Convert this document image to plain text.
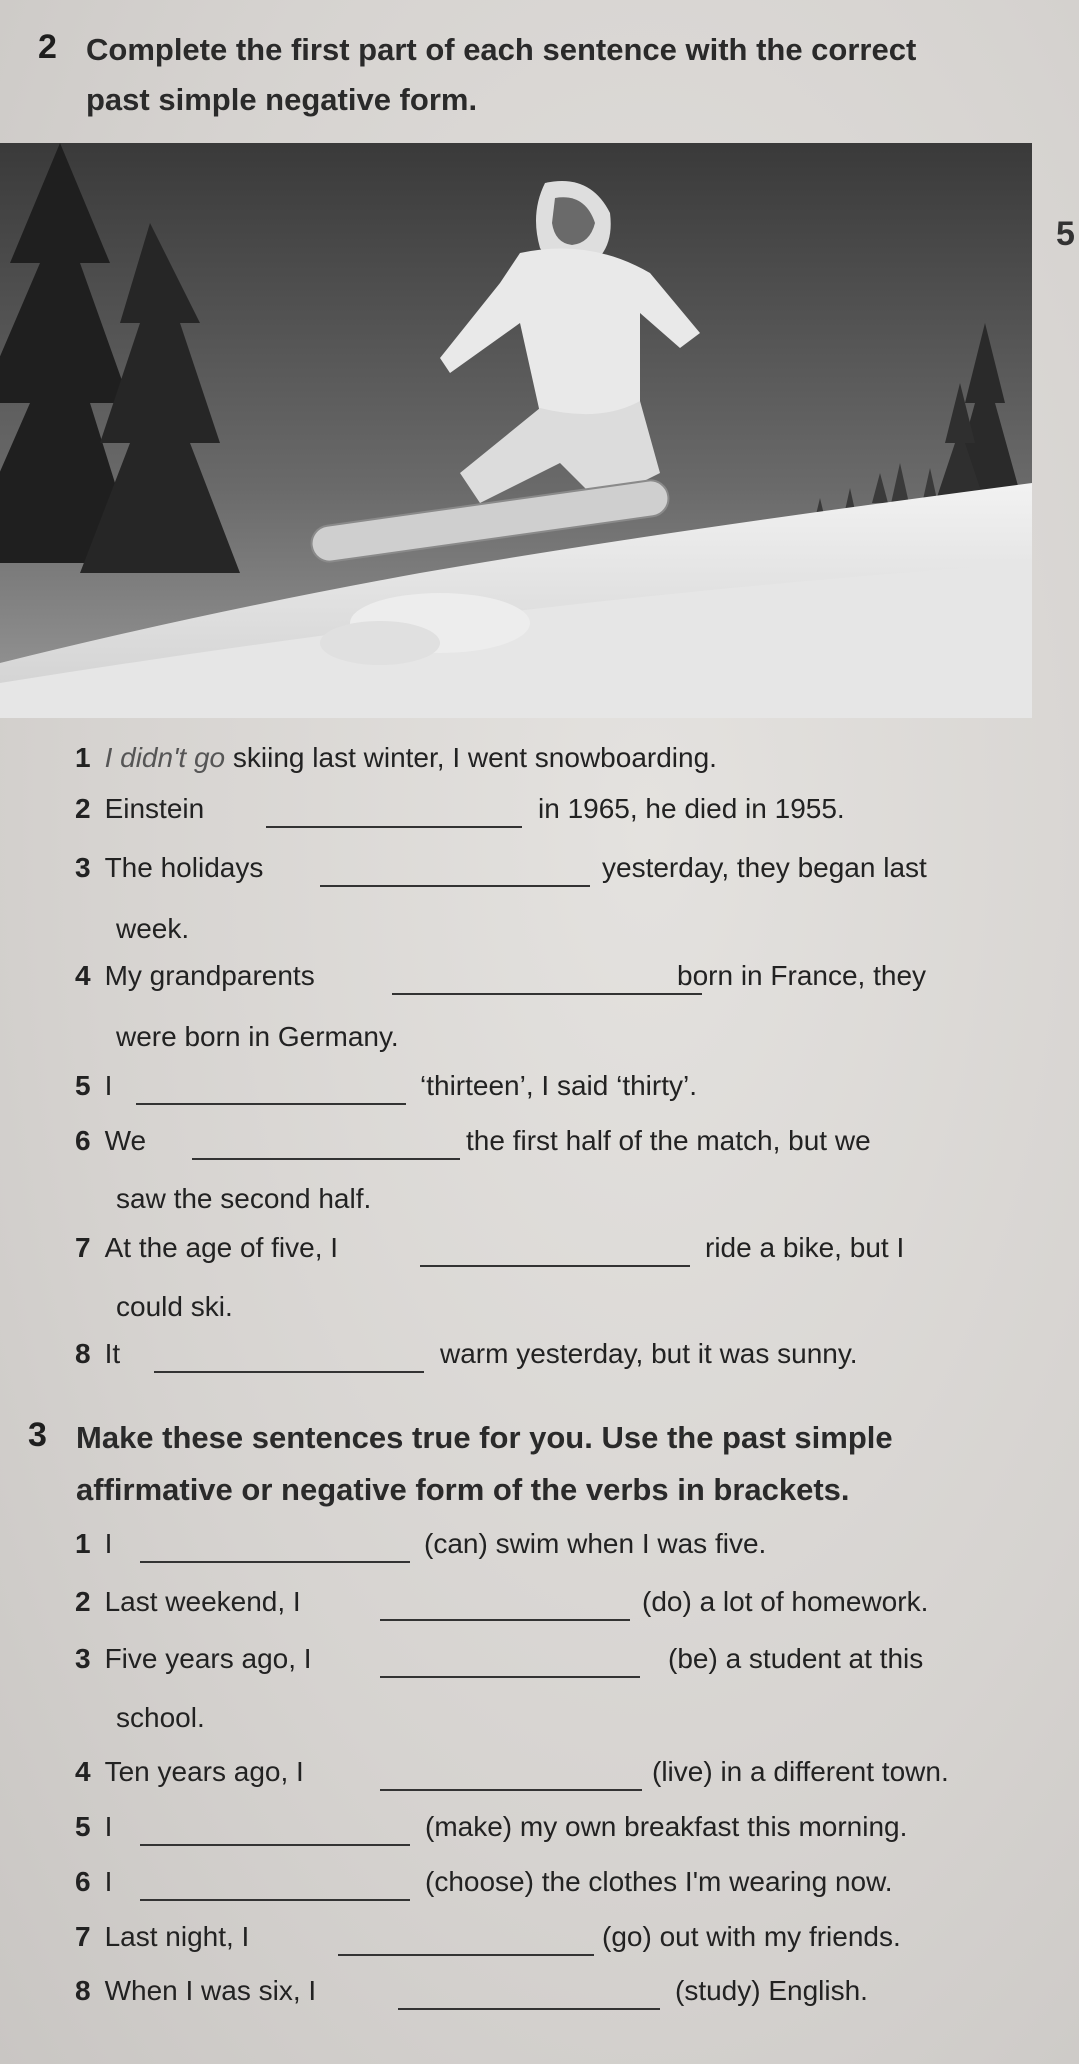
2 Complete the first part of each sentence with the correct
past simple negative form.
5
1 I didn't go skiing last winter, I went snowboarding.
2 Einstein	in 1965, he died in 1955.
3 The holidays	yesterday, they began last
week.
4 My grandparents	born in France, they
were born in Germany.
5 I	‘thirteen’, I said ‘thirty’.
6 We	the first half of the match, but we
saw the second half.
7 At the age of five, I	ride a bike, but I
could ski.
8 It	warm yesterday, but it was sunny.
3 Make these sentences true for you. Use the past simple
affirmative or negative form of the verbs in brackets.
1 I	(can) swim when I was five.
2 Last weekend, I	(do) a lot of homework.
3 Five years ago, I	(be) a student at this
school.
4 Ten years ago, I	(live) in a different town.
5 I	(make) my own breakfast this morning.
6 I	(choose) the clothes I'm wearing now.
7 Last night, I	(go) out with my friends.
8 When I was six, I	(study) English.
